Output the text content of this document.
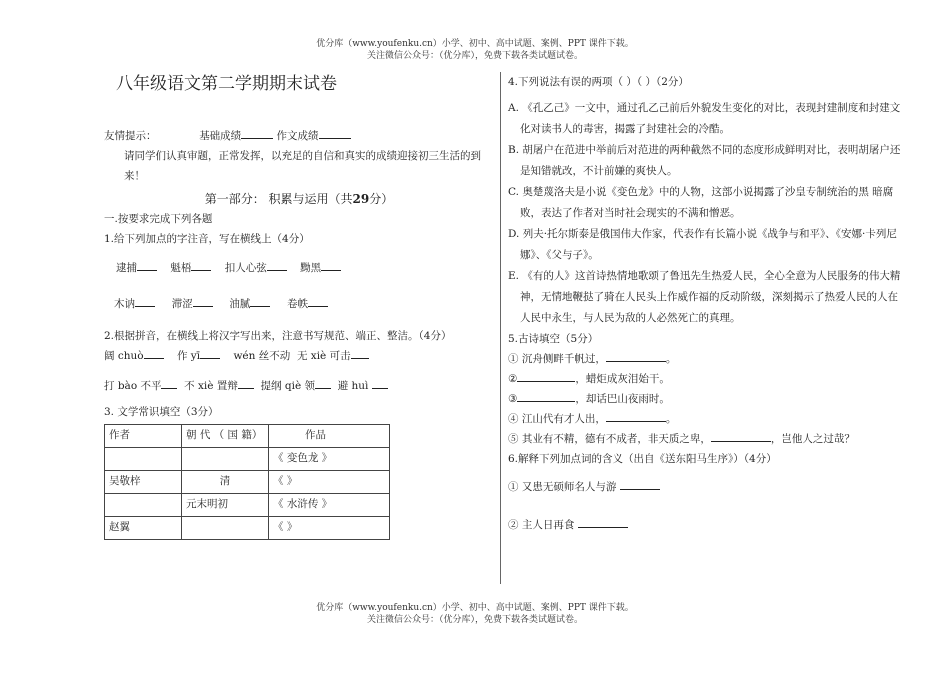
优分库（www.youfenku.cn）小学、初中、高中试题、案例、PPT 课件下载。
关注微信公众号：（优分库），免费下载各类试题试卷。

八年级语文第二学期期末试卷

友情提示：	基础成绩	作文成绩

请同学们认真审题，正常发挥，以充足的自信和真实的成绩迎接初三生活的到来！

第一部分： 积累与运用（共29分）

一.按要求完成下列各题

1.给下列加点的字注音，写在横线上（4分）

逮捕	魁梧	扣人心弦	黝黑

木讷	滞涩	油腻	卷帙

2.根据拼音，在横线上将汉字写出来，注意书写规范、端正、整洁。（4分）

阔 chuò	作 yī	wén 丝不动 无 xiè 可击

打 bào 不平 不 xiè 置辩 提纲 qiè 领 避 huì

3. 文学常识填空（3分）

作者	朝 代 （ 国 籍）	作品
		《 变色龙 》
吴敬梓	清	《 》
	元末明初	《 水浒传 》
赵翼		《 》

4.下列说法有误的两项（ ）（ ）（2分）

A. 《孔乙己》一文中，通过孔乙己前后外貌发生变化的对比，表现封建制度和封建文化对读书人的毒害，揭露了封建社会的冷酷。

B. 胡屠户在范进中举前后对范进的两种截然不同的态度形成鲜明对比，表明胡屠户还是知错就改，不计前嫌的爽快人。

C. 奥楚蔑洛夫是小说《变色龙》中的人物，这部小说揭露了沙皇专制统治的黑 暗腐败，表达了作者对当时社会现实的不满和憎恶。

D. 列夫·托尔斯泰是俄国伟大作家，代表作有长篇小说《战争与和平》、《安娜·卡列尼娜》、《父与子》。

E. 《有的人》这首诗热情地歌颂了鲁迅先生热爱人民，全心全意为人民服务的伟大精神，无情地鞭挞了骑在人民头上作威作福的反动阶级，深刻揭示了热爱人民的人在人民中永生，与人民为敌的人必然死亡的真理。

5.古诗填空（5分）

① 沉舟侧畔千帆过，	。

②	，蜡炬成灰泪始干。

③	，却话巴山夜雨时。

④ 江山代有才人出，	。

⑤ 其业有不精，德有不成者，非天质之卑，	，岂他人之过哉？

6.解释下列加点词的含义（出自《送东阳马生序》）（4分）

① 又患无硕师名人与游

② 主人日再食

优分库（www.youfenku.cn）小学、初中、高中试题、案例、PPT 课件下载。
关注微信公众号：（优分库），免费下载各类试题试卷。
